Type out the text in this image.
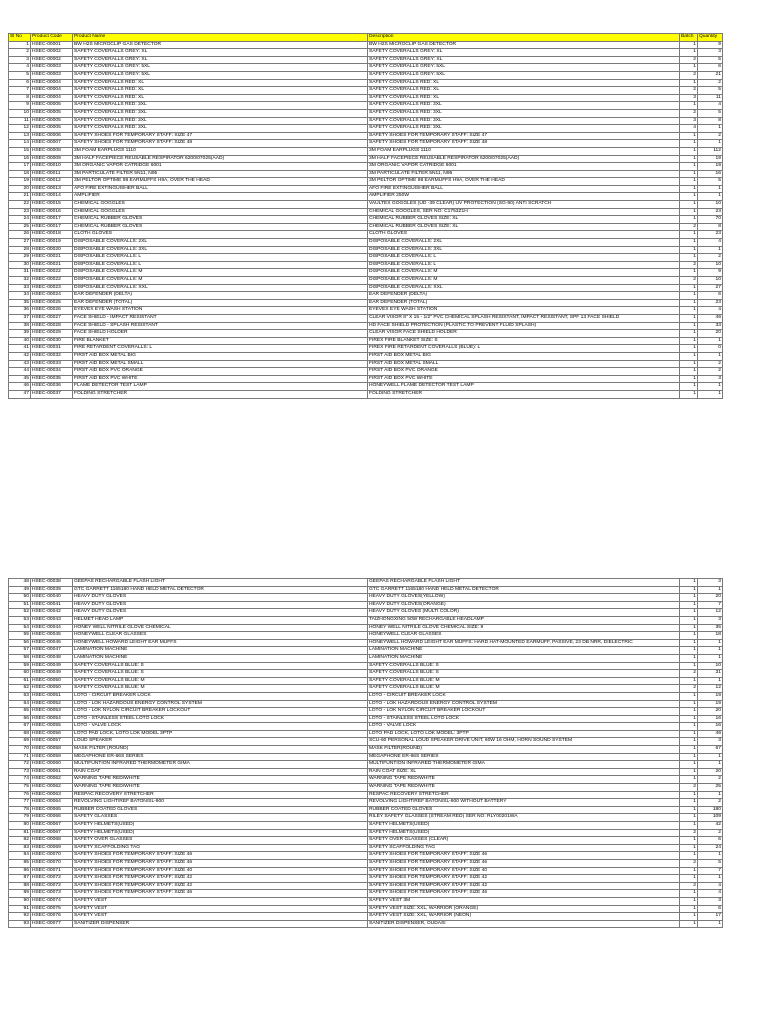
Sl No	Product Code	Product Name	Description	Batch	Quantity
1	HSEC-00001	BW H2S MICROCLIP GAS DETECTOR	BW H2S MICROCLIP GAS DETECTOR	1	9
2	HSEC-00002	SAFETY COVERALLS GREY: XL	SAFETY COVERALLS GREY: XL	1	3
3	HSEC-00002	SAFETY COVERALLS GREY: XL	SAFETY COVERALLS GREY: XL	2	5
4	HSEC-00003	SAFETY COVERALLS GREY: 5XL	SAFETY COVERALLS GREY: 5XL	1	6
5	HSEC-00003	SAFETY COVERALLS GREY: 5XL	SAFETY COVERALLS GREY: 5XL	2	21
6	HSEC-00004	SAFETY COVERALLS RED: XL	SAFETY COVERALLS RED: XL	1	2
7	HSEC-00004	SAFETY COVERALLS RED: XL	SAFETY COVERALLS RED: XL	2	5
8	HSEC-00004	SAFETY COVERALLS RED: XL	SAFETY COVERALLS RED: XL	3	11
9	HSEC-00005	SAFETY COVERALLS RED: 3XL	SAFETY COVERALLS RED: 3XL	1	4
10	HSEC-00005	SAFETY COVERALLS RED: 3XL	SAFETY COVERALLS RED: 3XL	2	5
11	HSEC-00005	SAFETY COVERALLS RED: 3XL	SAFETY COVERALLS RED: 3XL	3	8
12	HSEC-00005	SAFETY COVERALLS RED: 3XL	SAFETY COVERALLS RED: 3XL	4	1
13	HSEC-00006	SAFETY SHOES FOR TEMPORARY STAFF: SIZE 47	SAFETY SHOES FOR TEMPORARY STAFF: SIZE 47	1	2
14	HSEC-00007	SAFETY SHOES FOR TEMPORARY STAFF: SIZE 48	SAFETY SHOES FOR TEMPORARY STAFF: SIZE 48	1	1
15	HSEC-00008	3M FOAM EARPLUGS 1110	3M FOAM EARPLUGS 1110	1	112
16	HSEC-00009	3M HALF FACEPIECE REUSABLE RESPIRATOR 6200/07025(AAD)	3M HALF FACEPIECE REUSABLE RESPIRATOR 6200/07025(AAD)	1	19
17	HSEC-00010	3M ORGANIC VAPOR CATRIDGE 6001	3M ORGANIC VAPOR CATRIDGE 6001	1	19
18	HSEC-00011	3M PARTICULATE FILTER 5N11, N95	3M PARTICULATE FILTER 5N11, N95	1	16
19	HSEC-00012	3M PELTOR OPTIME 98 EARMUFFS H9A, OVER THE HEAD	3M PELTOR OPTIME 98 EARMUFFS H9A, OVER THE HEAD	1	5
20	HSEC-00013	AFO FIRE EXTINGUISHER BALL	AFO FIRE EXTINGUISHER BALL	1	1
21	HSEC-00014	AMPLIFIER	AMPLIFIER 250W	1	1
22	HSEC-00015	CHEMICAL GOGGLES	VAULTEX GOGGLES (UD -39 CLEAR) UV PROTECTION (SG-90) ANTI SCRATCH	1	10
23	HSEC-00016	CHEMICAL GOGGLES	CHEMICAL GOOGLES, SER NO: C1753Z1H	1	23
24	HSEC-00017	CHEMICAL RUBBER GLOVES	CHEMICAL RUBBER GLOVES SIZE: XL	1	70
25	HSEC-00017	CHEMICAL RUBBER GLOVES	CHEMICAL RUBBER GLOVES SIZE: XL	2	8
26	HSEC-00018	CLOTH GLOVES	CLOTH GLOVES	1	23
27	HSEC-00019	DISPOSABLE COVERALLS: 2XL	DISPOSABLE COVERALLS: 2XL	1	4
28	HSEC-00020	DISPOSABLE COVERALLS: 3XL	DISPOSABLE COVERALLS: 3XL	1	1
29	HSEC-00021	DISPOSABLE COVERALLS: L	DISPOSABLE COVERALLS: L	1	2
30	HSEC-00021	DISPOSABLE COVERALLS: L	DISPOSABLE COVERALLS: L	2	10
31	HSEC-00022	DISPOSABLE COVERALLS: M	DISPOSABLE COVERALLS: M	1	9
32	HSEC-00022	DISPOSABLE COVERALLS: M	DISPOSABLE COVERALLS: M	2	10
33	HSEC-00023	DISPOSABLE COVERALLS: XXL	DISPOSABLE COVERALLS: XXL	1	27
34	HSEC-00024	EAR DEFENDER (DELTA)	EAR DEFENDER (DELTA)	1	6
35	HSEC-00025	EAR DEFENDER (TOTAL)	EAR DEFENDER (TOTAL)	1	23
36	HSEC-00026	EYEVEX EYE WASH STATION	EYEVEX EYE WASH STATION	1	4
37	HSEC-00027	FACE SHIELD - IMPACT RESISTANT	CLEAR VISOR 8" X 15 - 1/2" PVC CHEMICAL SPLASH RESISTANT, IMPACT RESISTANT, SPF 13 FACE SHIELD	1	49
38	HSEC-00028	FACE SHIELD - SPLASH RESISTANT	HD FACE SHIELD PROTECTION (PLASTIC TO PREVENT FLUID SPLASH)	1	33
39	HSEC-00029	FACE SHIELD HOLDER	CLEAR VISOR FACE SHIELD HOLDER	1	20
40	HSEC-00030	FIRE BLANKET	FIREX FIRE BLANKET SIZE: S	1	1
41	HSEC-00031	FIRE RETARDENT COVERALLS: L	FIREX FIRE RETARDENT COVERALLS (BLUE): L	1	0
42	HSEC-00032	FIRST AID BOX METAL BIG	FIRST AID BOX METAL BIG	1	1
43	HSEC-00033	FIRST AID BOX METAL SMALL	FIRST AID BOX METAL SMALL	1	2
44	HSEC-00034	FIRST AID BOX PVC ORANGE	FIRST AID BOX PVC ORANGE	1	2
45	HSEC-00035	FIRST AID BOX PVC WHITE	FIRST AID BOX PVC WHITE	1	3
46	HSEC-00036	FLAME DETECTOR TEST LAMP	HONEYWELL FLAME DETECTOR TEST LAMP	1	1
47	HSEC-00037	FOLDING STRETCHER	FOLDING STRETCHER	1	1
48	HSEC-00038	GEEPAS RECHARGABLE FLASH LIGHT	GEEPAS RECHARGABLE FLASH LIGHT	1	3
49	HSEC-00039	GTC GARRETT 1165180 HAND HELD METAL DETECTOR	GTC GARRETT 1165180 HAND HELD METAL DETECTOR	1	1
50	HSEC-00040	HEAVY DUTY GLOVES	HEAVY DUTY GLOVES(YELLOW)	1	20
51	HSEC-00041	HEAVY DUTY GLOVES	HEAVY DUTY GLOVES(ORANGE)	1	7
52	HSEC-00042	HEAVY DUTY GLOVES	HEAVY DUTY GLOVES (MULTI COLOR)	1	12
53	HSEC-00043	HELMET HEAD LAMP	TAIZHONGXING 50W RECHARGABLE HEADLAMP	1	3
54	HSEC-00044	HONEY WELL NITRILE GLOVE CHEMICAL	HONEY WELL NITRILE GLOVE CHEMICAL SIZE: 9	1	35
55	HSEC-00045	HONEYWELL CLEAR GLASSES	HONEYWELL CLEAR GLASSES	1	18
56	HSEC-00046	HONEYWELL HOWARD LEIGHT EAR MUFFS	HONEYWELL HOWARD LEIGHT EAR MUFFS: HARD HAT-MOUNTED EARMUFF, PASSIVE, 23 DB NRR, DIELECTRIC	1	1
57	HSEC-00047	LAMINATION MACHINE	LAMINATION MACHINE	1	1
58	HSEC-00048	LAMINATION MACHINE	LAMINATION MACHINE	1	1
59	HSEC-00049	SAFETY COVERALLS BLUE: S	SAFETY COVERALLS BLUE: S	1	10
60	HSEC-00049	SAFETY COVERALLS BLUE: S	SAFETY COVERALLS BLUE: S	2	31
61	HSEC-00050	SAFETY COVERALLS BLUE: M	SAFETY COVERALLS BLUE: M	1	1
62	HSEC-00050	SAFETY COVERALLS BLUE: M	SAFETY COVERALLS BLUE: M	2	12
63	HSEC-00051	LOTO - CIRCUIT BREAKER LOCK	LOTO - CIRCUIT BREAKER LOCK	1	19
64	HSEC-00052	LOTO - LOK HAZARDOUS ENERGY CONTROL SYSTEM	LOTO - LOK HAZARDOUS ENERGY CONTROL SYSTEM	1	19
65	HSEC-00053	LOTO - LOK NYLON CIRCUIT BREAKER LOCKOUT	LOTO - LOK NYLON CIRCUIT BREAKER LOCKOUT	1	20
66	HSEC-00054	LOTO - STAINLESS STEEL LOTO LOCK	LOTO - STAINLESS STEEL LOTO LOCK	1	16
67	HSEC-00055	LOTO - VALVE LOCK	LOTO - VALVE LOCK	1	16
68	HSEC-00056	LOTO PAD LOCK, LOTO LOK MODEL 3PTP	LOTO PAD LOCK, LOTO LOK MODEL: 3PTP	1	49
69	HSEC-00057	LOUD SPEAKER	SCU-60 PERSONAL LOUD SPEAKER DRIVE UNIT, 60W 16 OHM, HORN SOUND SYSTEM	1	3
70	HSEC-00058	MASK FILTER (ROUND)	MASK FILTER(ROUND)	1	67
71	HSEC-00059	MEGAPHONE ER-66S SERIES	MEGAPHONE ER-66S SERIES	1	1
72	HSEC-00060	MULTIFUNTION INFRARED THERMOMETER GIMA	MULTIFUNTION INFRARED THERMOMETER GIMA	1	1
73	HSEC-00061	RAIN COAT	RAIN COAT SIZE: XL	1	20
74	HSEC-00062	WARNING TAPE RED/WHITE	WARNING TAPE RED/WHITE	1	2
75	HSEC-00062	WARNING TAPE RED/WHITE	WARNING TAPE RED/WHITE	2	25
76	HSEC-00063	RESPAC RECOVERY STRETCHER	RESPAC RECOVERY STRETCHER	1	1
77	HSEC-00064	REVOLVING LIGHT/REF BATON/SL-900	REVOLVING LIGHT/REF BATON/SL-900 WITHOUT BATTERY	1	2
78	HSEC-00065	RUBBER COATED GLOVES	RUBBER COATED GLOVES	1	180
79	HSEC-00066	SAFETY GLASSES	RILEY SAFETY GLASSES (STREAM RED) SER NO: RLY00201WA	1	109
80	HSEC-00067	SAFETY HELMETS(USED)	SAFETY HELMETS(USED)	1	42
81	HSEC-00067	SAFETY HELMETS(USED)	SAFETY HELMETS(USED)	2	2
82	HSEC-00068	SAFETY OVER GLASSES	SAFETY OVER GLASSES (CLEAR)	1	6
83	HSEC-00069	SAFETY SCAFFOLDING TAG	SAFETY SCAFFOLDING TAG	1	24
84	HSEC-00070	SAFETY SHOES FOR TEMPORARY STAFF: SIZE 46	SAFETY SHOES FOR TEMPORARY STAFF: SIZE 46	1	1
85	HSEC-00070	SAFETY SHOES FOR TEMPORARY STAFF: SIZE 46	SAFETY SHOES FOR TEMPORARY STAFF: SIZE 46	2	5
86	HSEC-00071	SAFETY SHOES FOR TEMPORARY STAFF: SIZE 40	SAFETY SHOES FOR TEMPORARY STAFF: SIZE 40	1	7
87	HSEC-00072	SAFETY SHOES FOR TEMPORARY STAFF: SIZE 42	SAFETY SHOES FOR TEMPORARY STAFF: SIZE 42	1	1
88	HSEC-00072	SAFETY SHOES FOR TEMPORARY STAFF: SIZE 42	SAFETY SHOES FOR TEMPORARY STAFF: SIZE 42	2	4
89	HSEC-00073	SAFETY SHOES FOR TEMPORARY STAFF: SIZE 46	SAFETY SHOES FOR TEMPORARY STAFF: SIZE 46	1	4
90	HSEC-00074	SAFETY VEST	SAFETY VEST 3M	1	3
91	HSEC-00075	SAFETY VEST	SAFETY VEST SIZE: XXL, WARRIOR (ORANGE)	1	6
92	HSEC-00076	SAFETY VEST	SAFETY VEST SIZE: XXL, WARRIOR (NEON)	1	17
93	HSEC-00077	SANITIZER DISPENSER	SANITIZER DISPENSER, OUDASI	1	1
